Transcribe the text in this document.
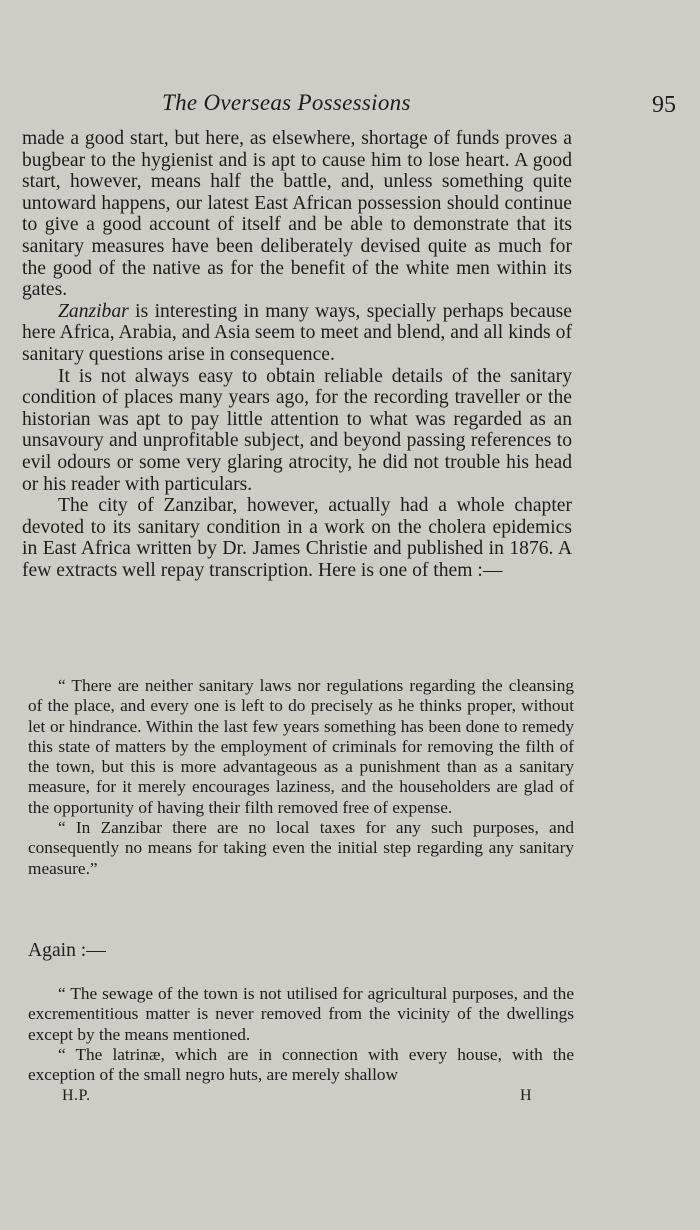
The Overseas Possessions	95

made a good start, but here, as elsewhere, shortage of funds proves a bugbear to the hygienist and is apt to cause him to lose heart. A good start, however, means half the battle, and, unless something quite untoward happens, our latest East African possession should continue to give a good account of itself and be able to demonstrate that its sanitary measures have been deliberately devised quite as much for the good of the native as for the benefit of the white men within its gates.

Zanzibar is interesting in many ways, specially perhaps because here Africa, Arabia, and Asia seem to meet and blend, and all kinds of sanitary questions arise in consequence.

It is not always easy to obtain reliable details of the sanitary condition of places many years ago, for the recording traveller or the historian was apt to pay little attention to what was regarded as an unsavoury and unprofitable subject, and beyond passing references to evil odours or some very glaring atrocity, he did not trouble his head or his reader with particulars.

The city of Zanzibar, however, actually had a whole chapter devoted to its sanitary condition in a work on the cholera epidemics in East Africa written by Dr. James Christie and published in 1876. A few extracts well repay transcription. Here is one of them :—

“ There are neither sanitary laws nor regulations regarding the cleansing of the place, and every one is left to do precisely as he thinks proper, without let or hindrance. Within the last few years something has been done to remedy this state of matters by the employment of criminals for removing the filth of the town, but this is more advantageous as a punishment than as a sanitary measure, for it merely encourages laziness, and the householders are glad of the opportunity of having their filth removed free of expense.

“ In Zanzibar there are no local taxes for any such purposes, and consequently no means for taking even the initial step regarding any sanitary measure.”

Again :—

“ The sewage of the town is not utilised for agricultural purposes, and the excrementitious matter is never removed from the vicinity of the dwellings except by the means mentioned.

“ The latrinæ, which are in connection with every house, with the exception of the small negro huts, are merely shallow

H.P.	H
